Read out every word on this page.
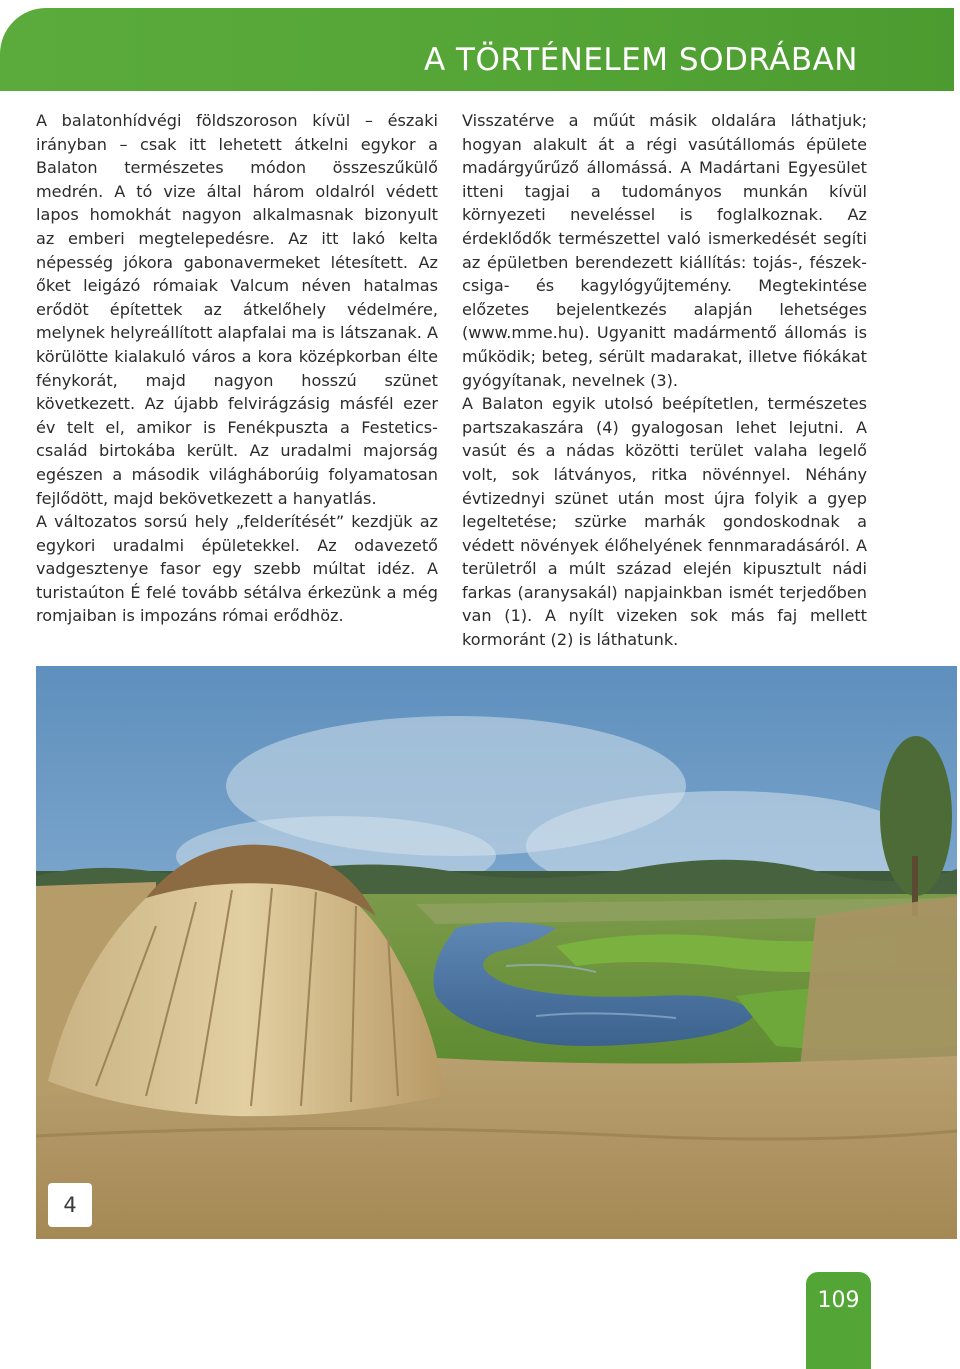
A TÖRTÉNELEM SODRÁBAN

A balatonhídvégi földszoroson kívül – északi irányban – csak itt lehetett átkelni egykor a Balaton természetes módon összeszűkülő medrén. A tó vize által három oldalról védett lapos homokhát nagyon alkalmasnak bizonyult az emberi megtelepedésre. Az itt lakó kelta népesség jókora gabonavermeket létesített. Az őket leigázó rómaiak Valcum néven hatalmas erődöt építettek az átkelőhely védelmére, melynek helyreállított alapfalai ma is látszanak. A körülötte kialakuló város a kora középkorban élte fénykorát, majd nagyon hosszú szünet következett. Az újabb felvirágzásig másfél ezer év telt el, amikor is Fenékpuszta a Festetics-család birtokába került. Az uradalmi majorság egészen a második világháborúig folyamatosan fejlődött, majd bekövetkezett a hanyatlás.

A változatos sorsú hely „felderítését” kezdjük az egykori uradalmi épületekkel. Az odavezető vadgesztenye fasor egy szebb múltat idéz. A turistaúton É felé tovább sétálva érkezünk a még romjaiban is impozáns római erődhöz.

Visszatérve a műút másik oldalára láthatjuk; hogyan alakult át a régi vasútállomás épülete madárgyűrűző állomássá. A Madártani Egyesület itteni tagjai a tudományos munkán kívül környezeti neveléssel is foglalkoznak. Az érdeklődők természettel való ismerkedését segíti az épületben berendezett kiállítás: tojás-, fészek- csiga- és kagylógyűjtemény. Megtekintése előzetes bejelentkezés alapján lehetséges (www.mme.hu). Ugyanitt madármentő állomás is működik; beteg, sérült madarakat, illetve fiókákat gyógyítanak, nevelnek (3).

A Balaton egyik utolsó beépítetlen, természetes partszakaszára (4) gyalogosan lehet lejutni. A vasút és a nádas közötti terület valaha legelő volt, sok látványos, ritka növénnyel. Néhány évtizednyi szünet után most újra folyik a gyep legeltetése; szürke marhák gondoskodnak a védett növények élőhelyének fennmaradásáról. A területről a múlt század elején kipusztult nádi farkas (aranysakál) napjainkban ismét terjedőben van (1). A nyílt vizeken sok más faj mellett kormoránt (2) is láthatunk.

4
109
